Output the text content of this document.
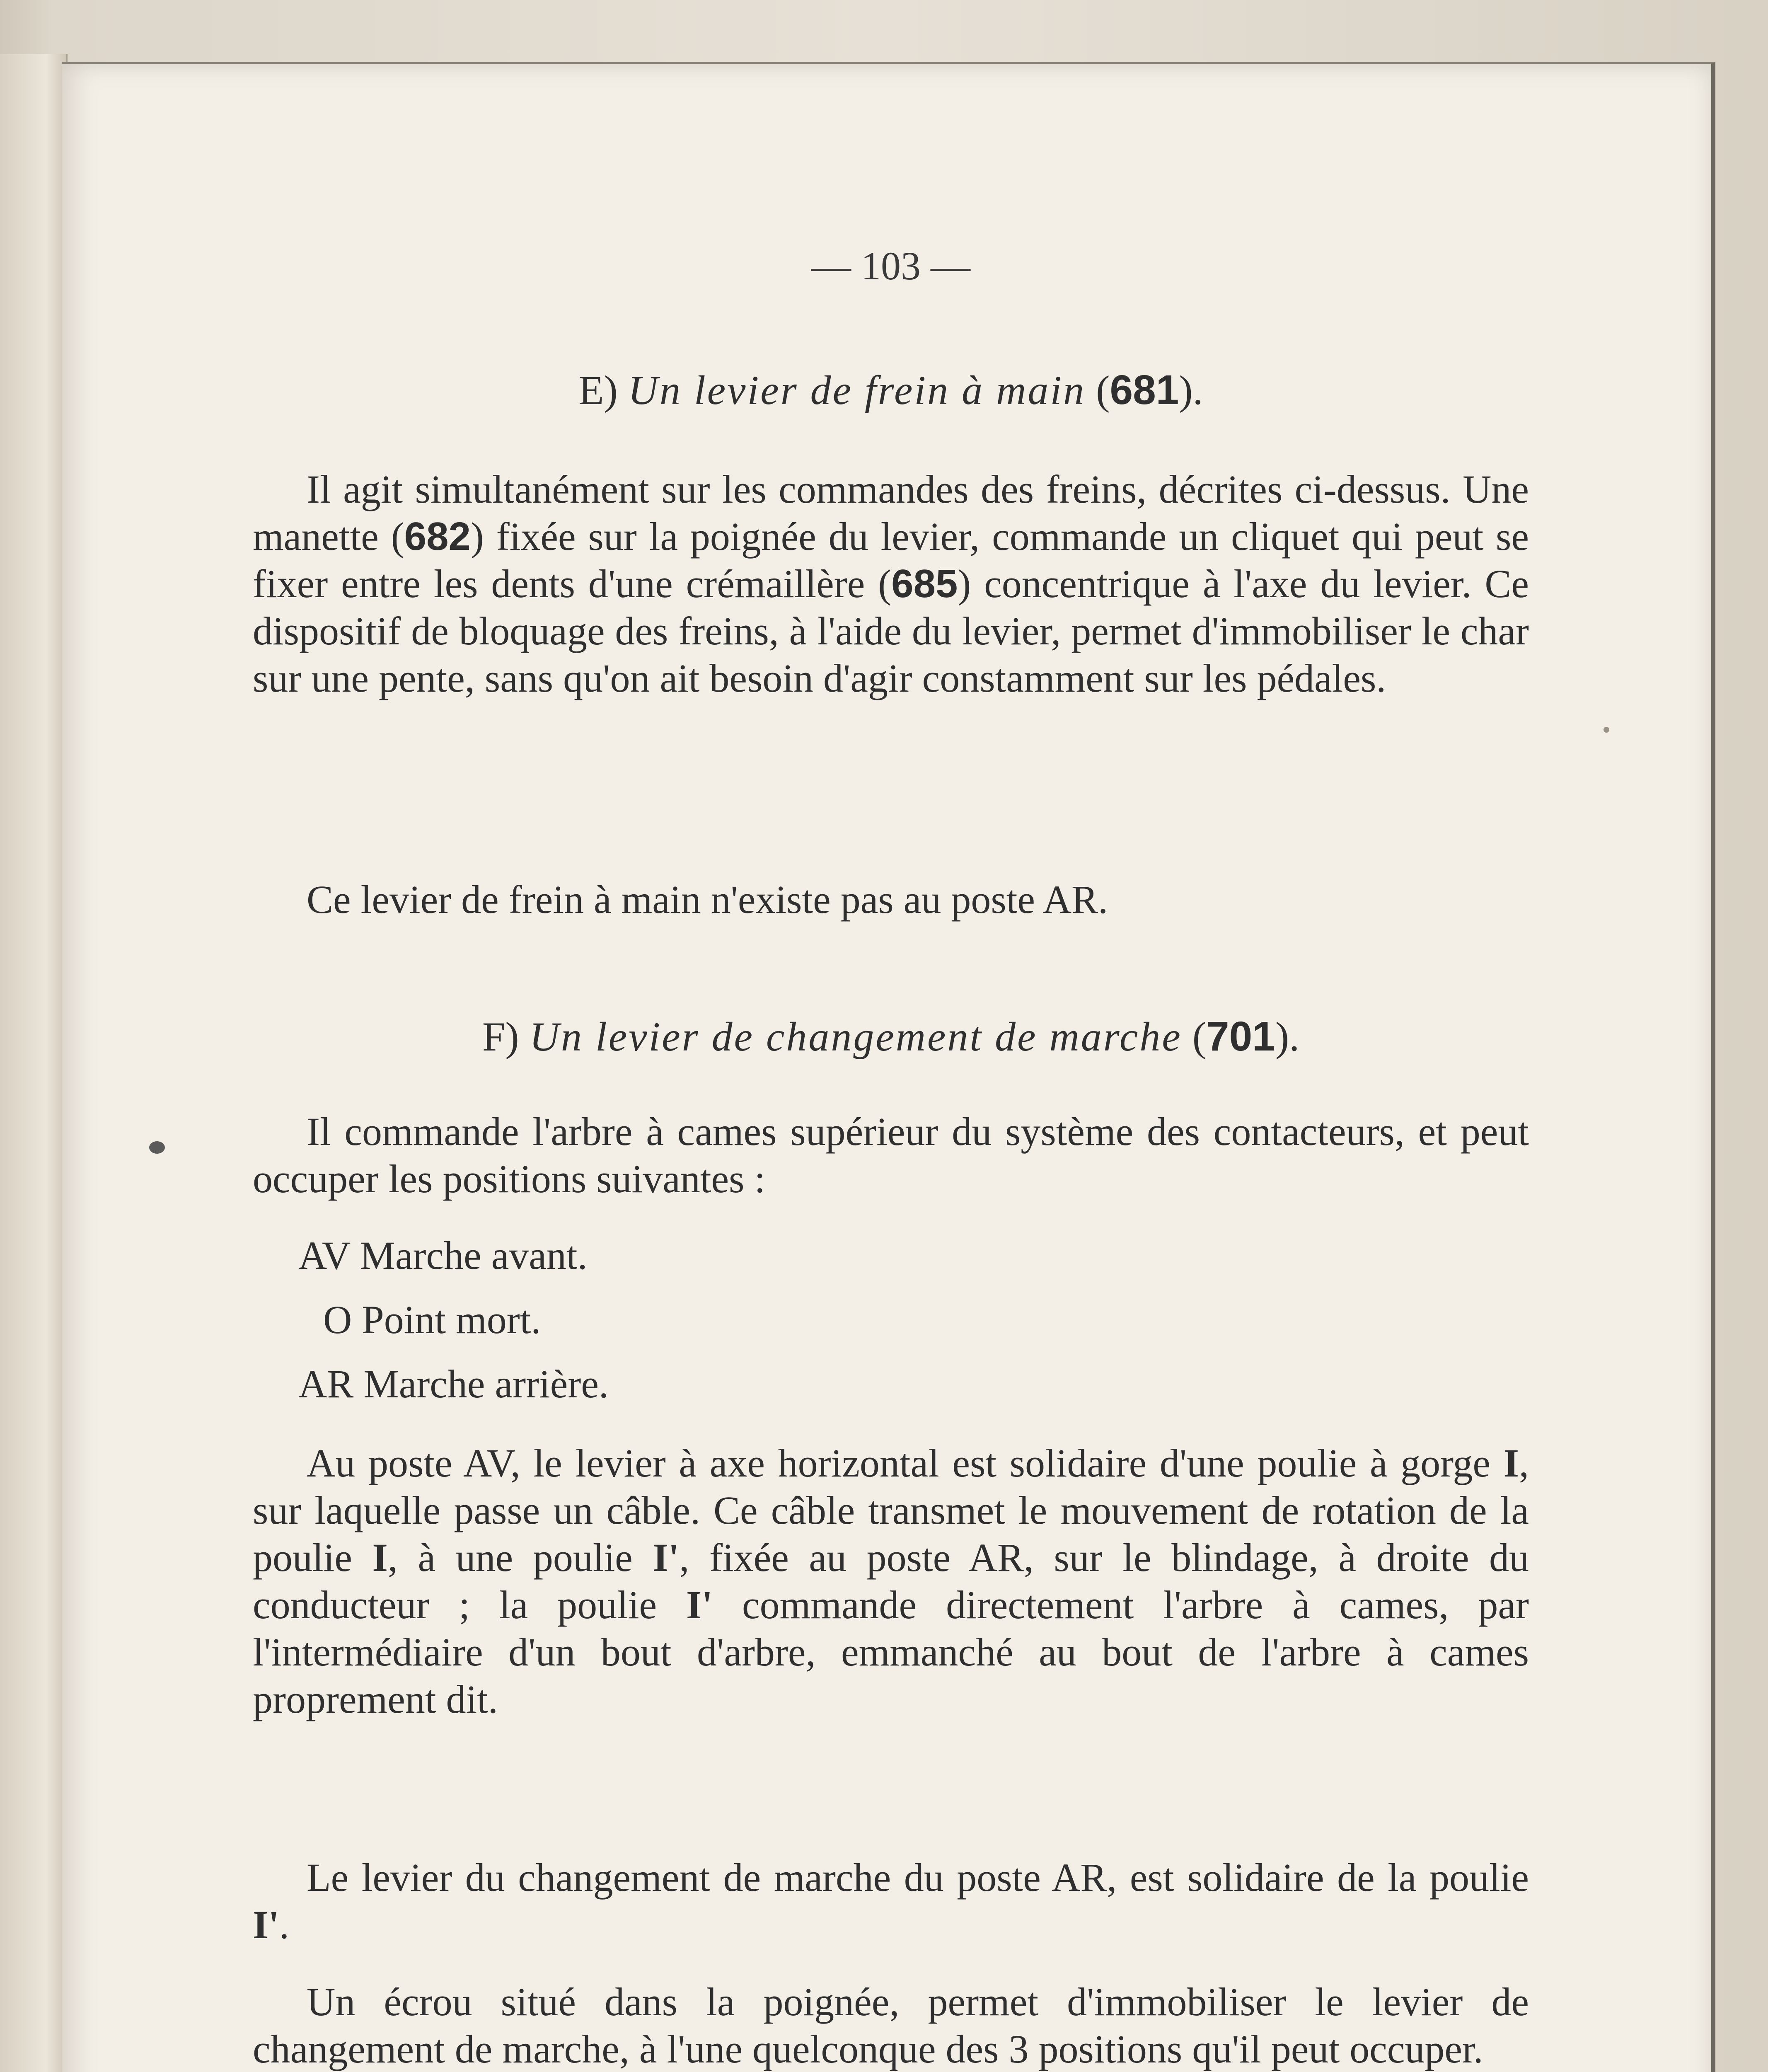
— 103 —
E) Un levier de frein à main (681).

Il agit simultanément sur les commandes des freins, décrites ci-dessus. Une manette (682) fixée sur la poignée du levier, commande un cliquet qui peut se fixer entre les dents d'une crémaillère (685) concentrique à l'axe du levier. Ce dispositif de bloquage des freins, à l'aide du levier, permet d'immobiliser le char sur une pente, sans qu'on ait besoin d'agir constamment sur les pédales.

Ce levier de frein à main n'existe pas au poste AR.

F) Un levier de changement de marche (701).

Il commande l'arbre à cames supérieur du système des contacteurs, et peut occuper les positions suivantes :

AV Marche avant.
O Point mort.
AR Marche arrière.

Au poste AV, le levier à axe horizontal est solidaire d'une poulie à gorge I, sur laquelle passe un câble. Ce câble transmet le mouvement de rotation de la poulie I, à une poulie I', fixée au poste AR, sur le blindage, à droite du conducteur ; la poulie I' commande directement l'arbre à cames, par l'intermédiaire d'un bout d'arbre, emmanché au bout de l'arbre à cames proprement dit.

Le levier du changement de marche du poste AR, est solidaire de la poulie I'.

Un écrou situé dans la poignée, permet d'immobiliser le levier de changement de marche, à l'une quelconque des 3 positions qu'il peut occuper.
